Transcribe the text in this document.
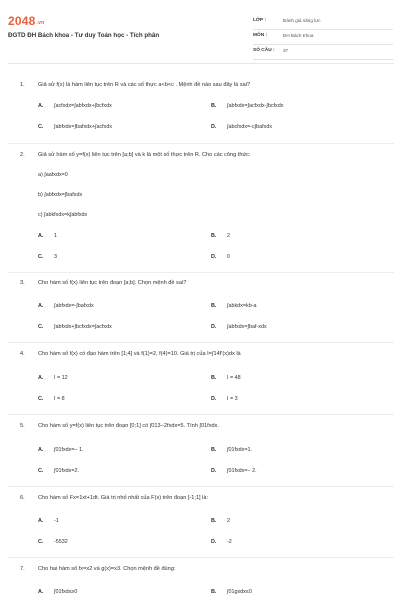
2048.vn
ĐGTD ĐH Bách khoa - Tư duy Toán học - Tích phân
LỚP :	Đánh giá năng lực
MÔN :	ĐH Bách Khoa
SỐ CÂU : 37
1. Giả sử f(x) là hàm liên tục trên R và các số thực a<b<c . Mệnh đề nào sau đây là sai?
A. ∫acfxdx=∫abfxdx+∫bcfxdx	B. ∫abfxdx=∫acfxdx-∫bcfxdx
C. ∫abfxdx=∫bafxdx+∫acfxdx	D. ∫abcfxdx=-c∫bafxdx
2. Giả sử hàm số y=f(x) liên tục trên [a;b] và k là một số thực trên R. Cho các công thức:
a) ∫aafxdx=0
b) ∫abfxdx=∫bafxdx
c) ∫abkfxdx=k∫abfxdx
A. 1	B. 2
C. 3	D. 0
3. Cho hàm số f(x) liên tục trên đoạn [a;b]. Chọn mệnh đề sai?
A. ∫abfxdx=-∫bafxdx	B. ∫abkdx=kb-a
C. ∫abfxdx+∫bcfxdx=∫acfxdx	D. ∫abfxdx=∫baf-xdx
4. Cho hàm số f(x) có đạo hàm trên [1;4] và f(1)=2, f(4)=10. Giá trị của I=∫14f'(x)dx là
A. I = 12	B. I = 48
C. I = 8	D. I = 3
5. Cho hàm số y=f(x) liên tục trên đoạn [0;1] có ∫013−2fxdx=5. Tính ∫01fxdx.
A. ∫01fxdx=− 1.	B. ∫01fxdx=1.
C. ∫01fxdx=2.	D. ∫01fxdx=− 2.
6. Cho hàm số Fx=1xt+1dt. Giá trị nhỏ nhất của F(x) trên đoạn [-1;1] là:
A. -1	B. 2
C. -5532	D. -2
7. Cho hai hàm số fx=x2 và g(x)=x3. Chọn mệnh đề đúng:
A. ∫01fxdx≥0	B. ∫01gxdx≤0
